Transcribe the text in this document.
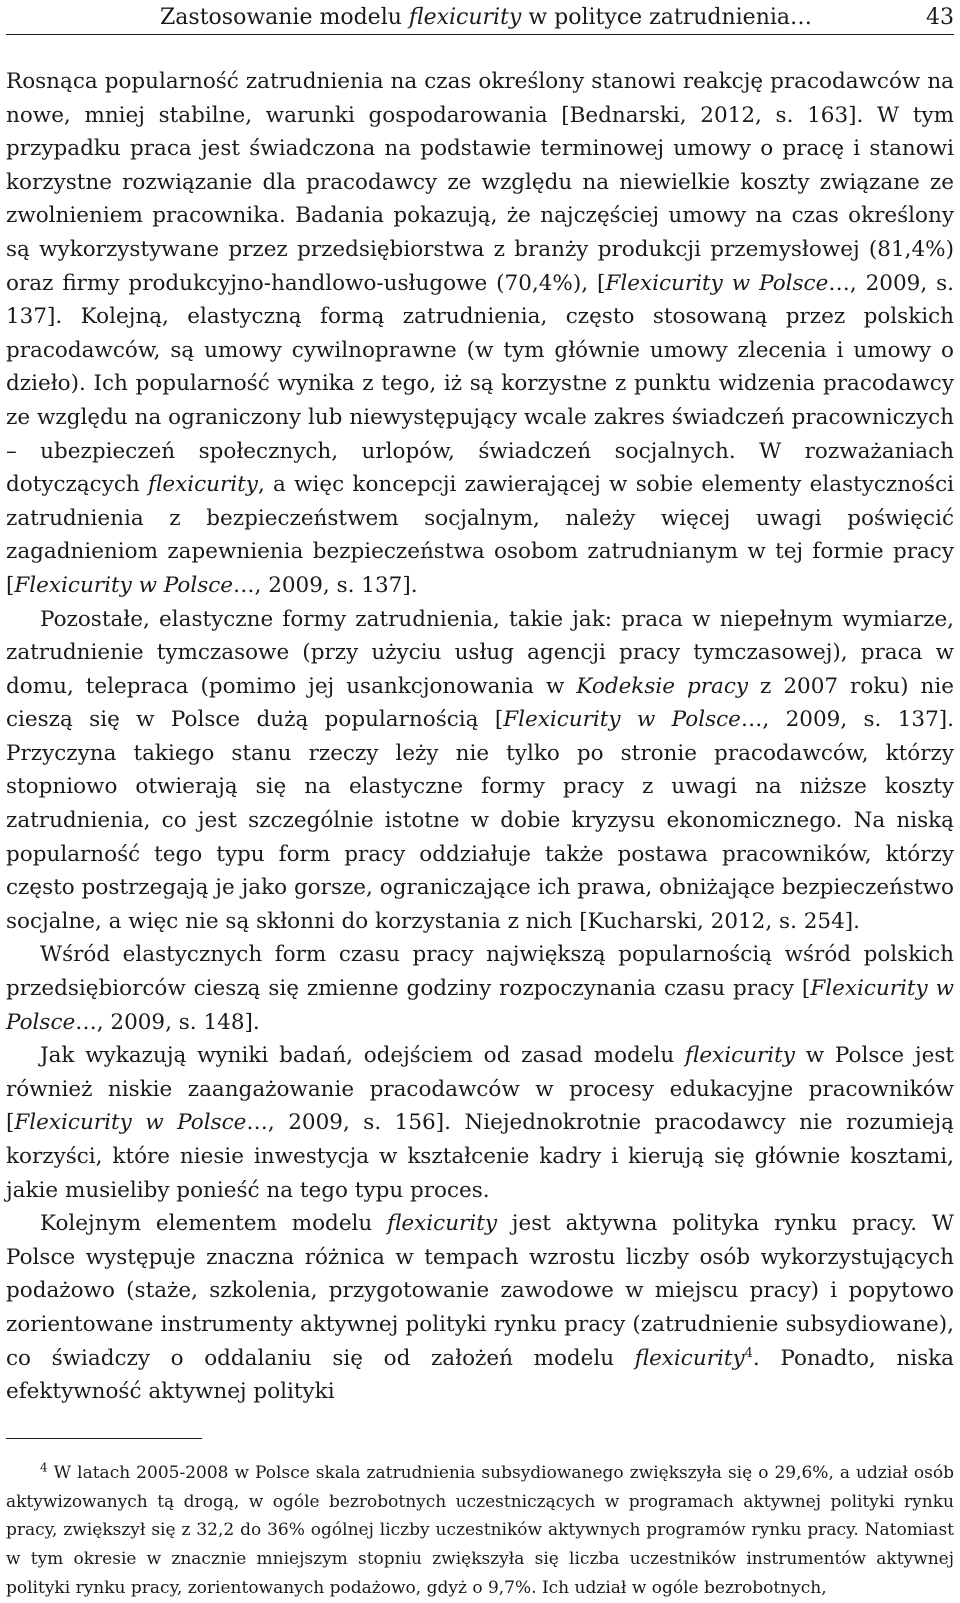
Zastosowanie modelu flexicurity w polityce zatrudnienia…	43

Rosnąca popularność zatrudnienia na czas określony stanowi reakcję pracodawców na nowe, mniej stabilne, warunki gospodarowania [Bednarski, 2012, s. 163]. W tym przypadku praca jest świadczona na podstawie terminowej umowy o pracę i stanowi korzystne rozwiązanie dla pracodawcy ze względu na niewielkie koszty związane ze zwolnieniem pracownika. Badania pokazują, że najczęściej umowy na czas określony są wykorzystywane przez przedsiębiorstwa z branży produkcji przemysłowej (81,4%) oraz firmy produkcyjno-handlowo-usługowe (70,4%), [Flexicurity w Polsce…, 2009, s. 137]. Kolejną, elastyczną formą zatrudnienia, często stosowaną przez polskich pracodawców, są umowy cywilnoprawne (w tym głównie umowy zlecenia i umowy o dzieło). Ich popularność wynika z tego, iż są korzystne z punktu widzenia pracodawcy ze względu na ograniczony lub niewystępujący wcale zakres świadczeń pracowniczych – ubezpieczeń społecznych, urlopów, świadczeń socjalnych. W rozważaniach dotyczących flexicurity, a więc koncepcji zawierającej w sobie elementy elastyczności zatrudnienia z bezpieczeństwem socjalnym, należy więcej uwagi poświęcić zagadnieniom zapewnienia bezpieczeństwa osobom zatrudnianym w tej formie pracy [Flexicurity w Polsce…, 2009, s. 137].

Pozostałe, elastyczne formy zatrudnienia, takie jak: praca w niepełnym wymiarze, zatrudnienie tymczasowe (przy użyciu usług agencji pracy tymczasowej), praca w domu, telepraca (pomimo jej usankcjonowania w Kodeksie pracy z 2007 roku) nie cieszą się w Polsce dużą popularnością [Flexicurity w Polsce…, 2009, s. 137]. Przyczyna takiego stanu rzeczy leży nie tylko po stronie pracodawców, którzy stopniowo otwierają się na elastyczne formy pracy z uwagi na niższe koszty zatrudnienia, co jest szczególnie istotne w dobie kryzysu ekonomicznego. Na niską popularność tego typu form pracy oddziałuje także postawa pracowników, którzy często postrzegają je jako gorsze, ograniczające ich prawa, obniżające bezpieczeństwo socjalne, a więc nie są skłonni do korzystania z nich [Kucharski, 2012, s. 254].

Wśród elastycznych form czasu pracy największą popularnością wśród polskich przedsiębiorców cieszą się zmienne godziny rozpoczynania czasu pracy [Flexicurity w Polsce…, 2009, s. 148].

Jak wykazują wyniki badań, odejściem od zasad modelu flexicurity w Polsce jest również niskie zaangażowanie pracodawców w procesy edukacyjne pracowników [Flexicurity w Polsce…, 2009, s. 156]. Niejednokrotnie pracodawcy nie rozumieją korzyści, które niesie inwestycja w kształcenie kadry i kierują się głównie kosztami, jakie musieliby ponieść na tego typu proces.

Kolejnym elementem modelu flexicurity jest aktywna polityka rynku pracy. W Polsce występuje znaczna różnica w tempach wzrostu liczby osób wykorzystujących podażowo (staże, szkolenia, przygotowanie zawodowe w miejscu pracy) i popytowo zorientowane instrumenty aktywnej polityki rynku pracy (zatrudnienie subsydiowane), co świadczy o oddalaniu się od założeń modelu flexicurity$^4$. Ponadto, niska efektywność aktywnej polityki

$^4$ W latach 2005-2008 w Polsce skala zatrudnienia subsydiowanego zwiększyła się o 29,6%, a udział osób aktywizowanych tą drogą, w ogóle bezrobotnych uczestniczących w programach aktywnej polityki rynku pracy, zwiększył się z 32,2 do 36% ogólnej liczby uczestników aktywnych programów rynku pracy. Natomiast w tym okresie w znacznie mniejszym stopniu zwiększyła się liczba uczestników instrumentów aktywnej polityki rynku pracy, zorientowanych podażowo, gdyż o 9,7%. Ich udział w ogóle bezrobotnych,
